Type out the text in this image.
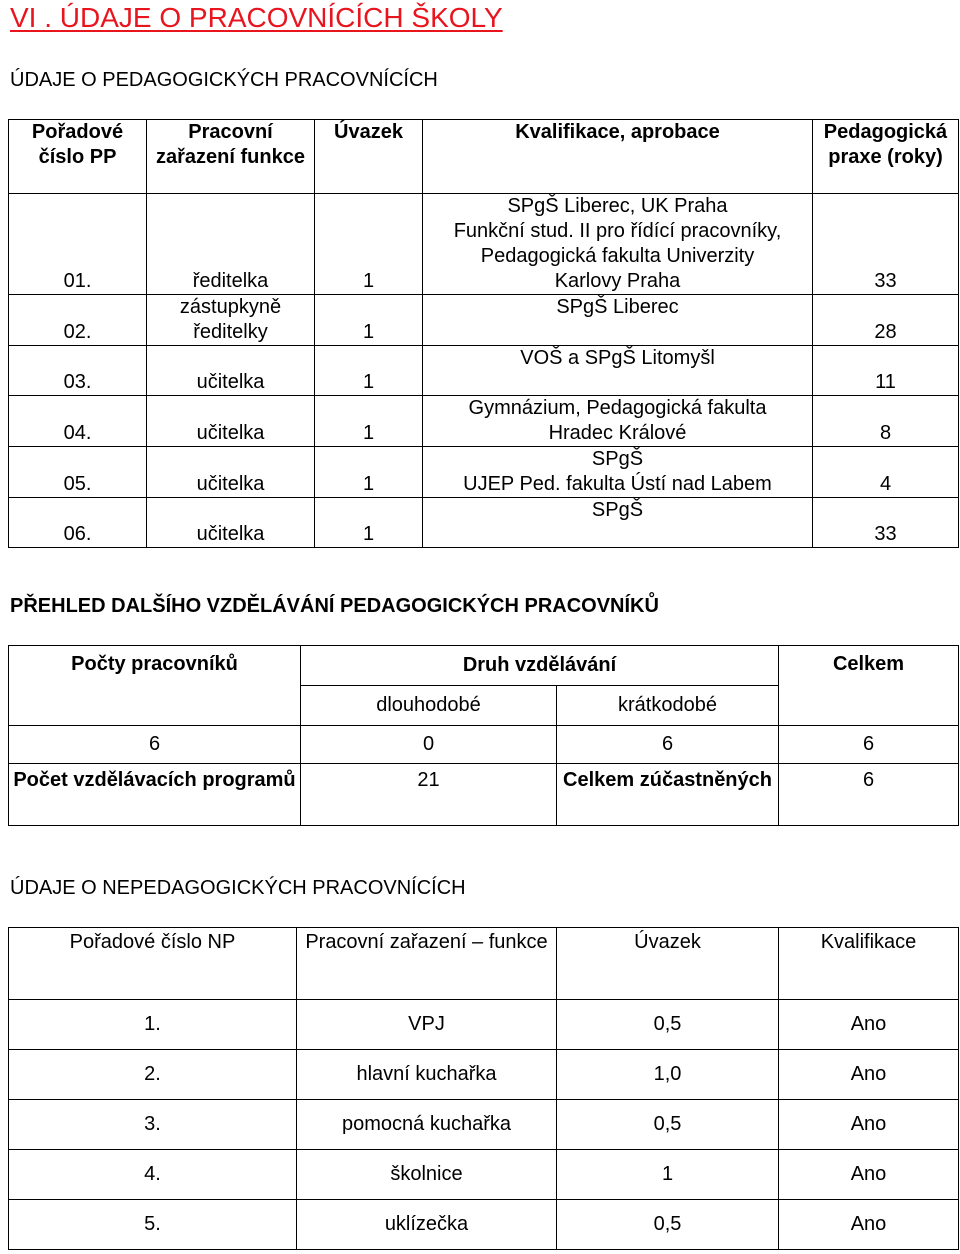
VI . ÚDAJE O PRACOVNÍCÍCH ŠKOLY
ÚDAJE O PEDAGOGICKÝCH PRACOVNÍCÍCH
Pořadové číslo PP	Pracovní zařazení funkce	Úvazek	Kvalifikace, aprobace	Pedagogická praxe (roky)
01.	ředitelka	1	SPgŠ Liberec, UK Praha
Funkční stud. II pro řídící pracovníky,
Pedagogická fakulta Univerzity
Karlovy Praha	33
02.	zástupkyně
ředitelky	1	SPgŠ Liberec	28
03.	učitelka	1	VOŠ a SPgŠ Litomyšl	11
04.	učitelka	1	Gymnázium, Pedagogická fakulta
Hradec Králové	8
05.	učitelka	1	SPgŠ
UJEP Ped. fakulta Ústí nad Labem	4
06.	učitelka	1	SPgŠ	33
PŘEHLED DALŠÍHO VZDĚLÁVÁNÍ PEDAGOGICKÝCH PRACOVNÍKŮ
Počty pracovníků	Druh vzdělávání		Celkem
	dlouhodobé	krátkodobé	
6	0	6	6
Počet vzdělávacích programů	21	Celkem zúčastněných	6
ÚDAJE O NEPEDAGOGICKÝCH PRACOVNÍCÍCH
Pořadové číslo NP	Pracovní zařazení – funkce	Úvazek	Kvalifikace
1.	VPJ	0,5	Ano
2.	hlavní kuchařka	1,0	Ano
3.	pomocná kuchařka	0,5	Ano
4.	školnice	1	Ano
5.	uklízečka	0,5	Ano
